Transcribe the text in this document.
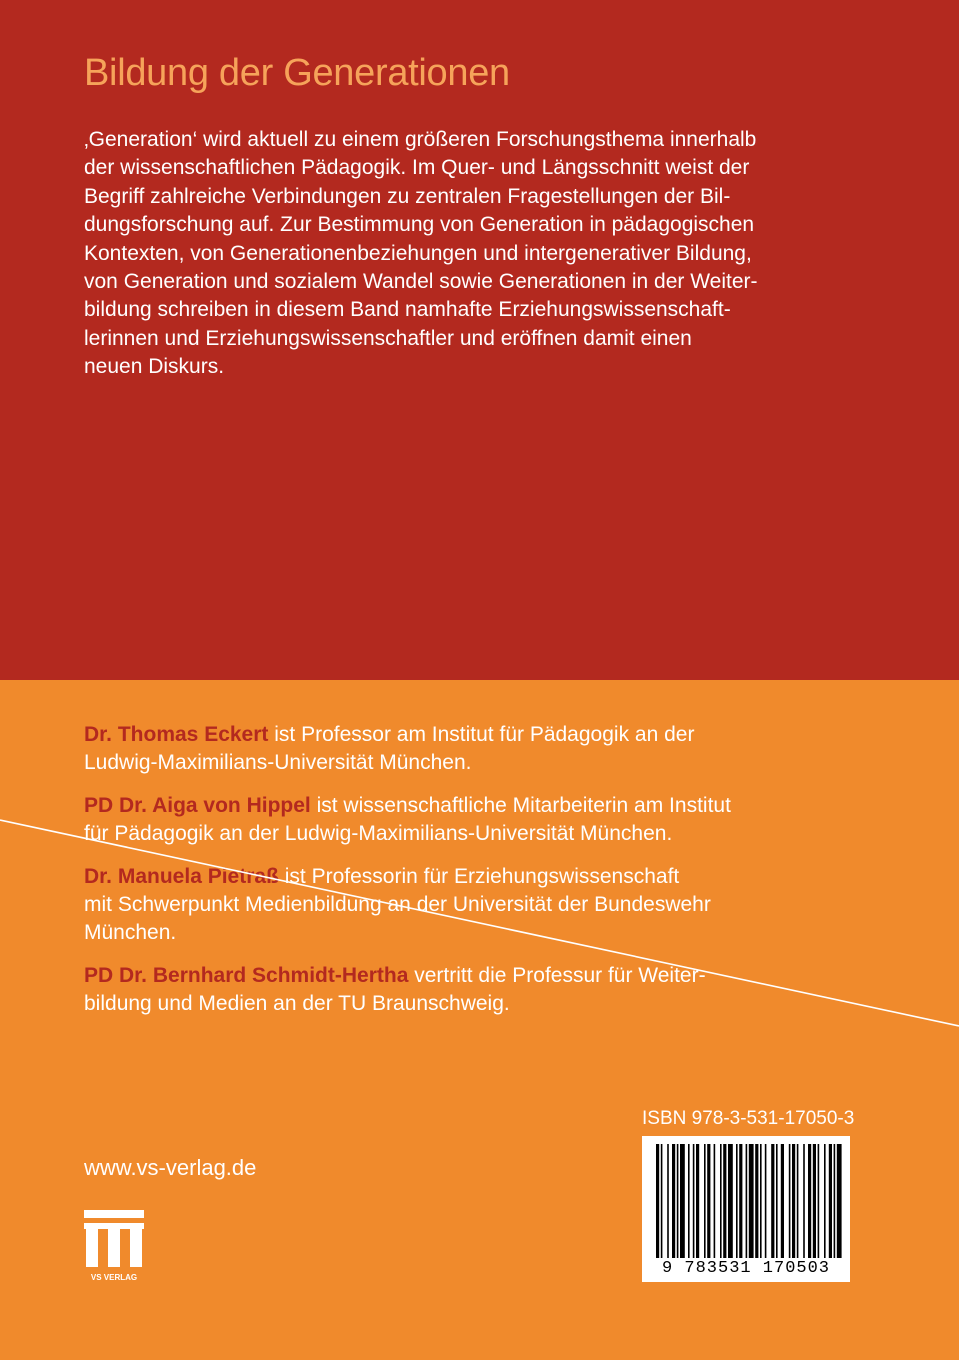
Bildung der Generationen
‚Generation‘ wird aktuell zu einem größeren Forschungsthema innerhalb
der wissenschaftlichen Pädagogik. Im Quer- und Längsschnitt weist der
Begriff zahlreiche Verbindungen zu zentralen Fragestellungen der Bil-
dungsforschung auf. Zur Bestimmung von Generation in pädagogischen
Kontexten, von Generationenbeziehungen und intergenerativer Bildung,
von Generation und sozialem Wandel sowie Generationen in der Weiter-
bildung schreiben in diesem Band namhafte Erziehungswissenschaft-
lerinnen und Erziehungswissenschaftler und eröffnen damit einen
neuen Diskurs.

Dr. Thomas Eckert ist Professor am Institut für Pädagogik an der
Ludwig-Maximilians-Universität München.

PD Dr. Aiga von Hippel ist wissenschaftliche Mitarbeiterin am Institut
für Pädagogik an der Ludwig-Maximilians-Universität München.

Dr. Manuela Pietraß ist Professorin für Erziehungswissenschaft
mit Schwerpunkt Medienbildung an der Universität der Bundeswehr
München.

PD Dr. Bernhard Schmidt-Hertha vertritt die Professur für Weiter-
bildung und Medien an der TU Braunschweig.

www.vs-verlag.de
VS VERLAG
ISBN 978-3-531-17050-3
9 783531 170503
